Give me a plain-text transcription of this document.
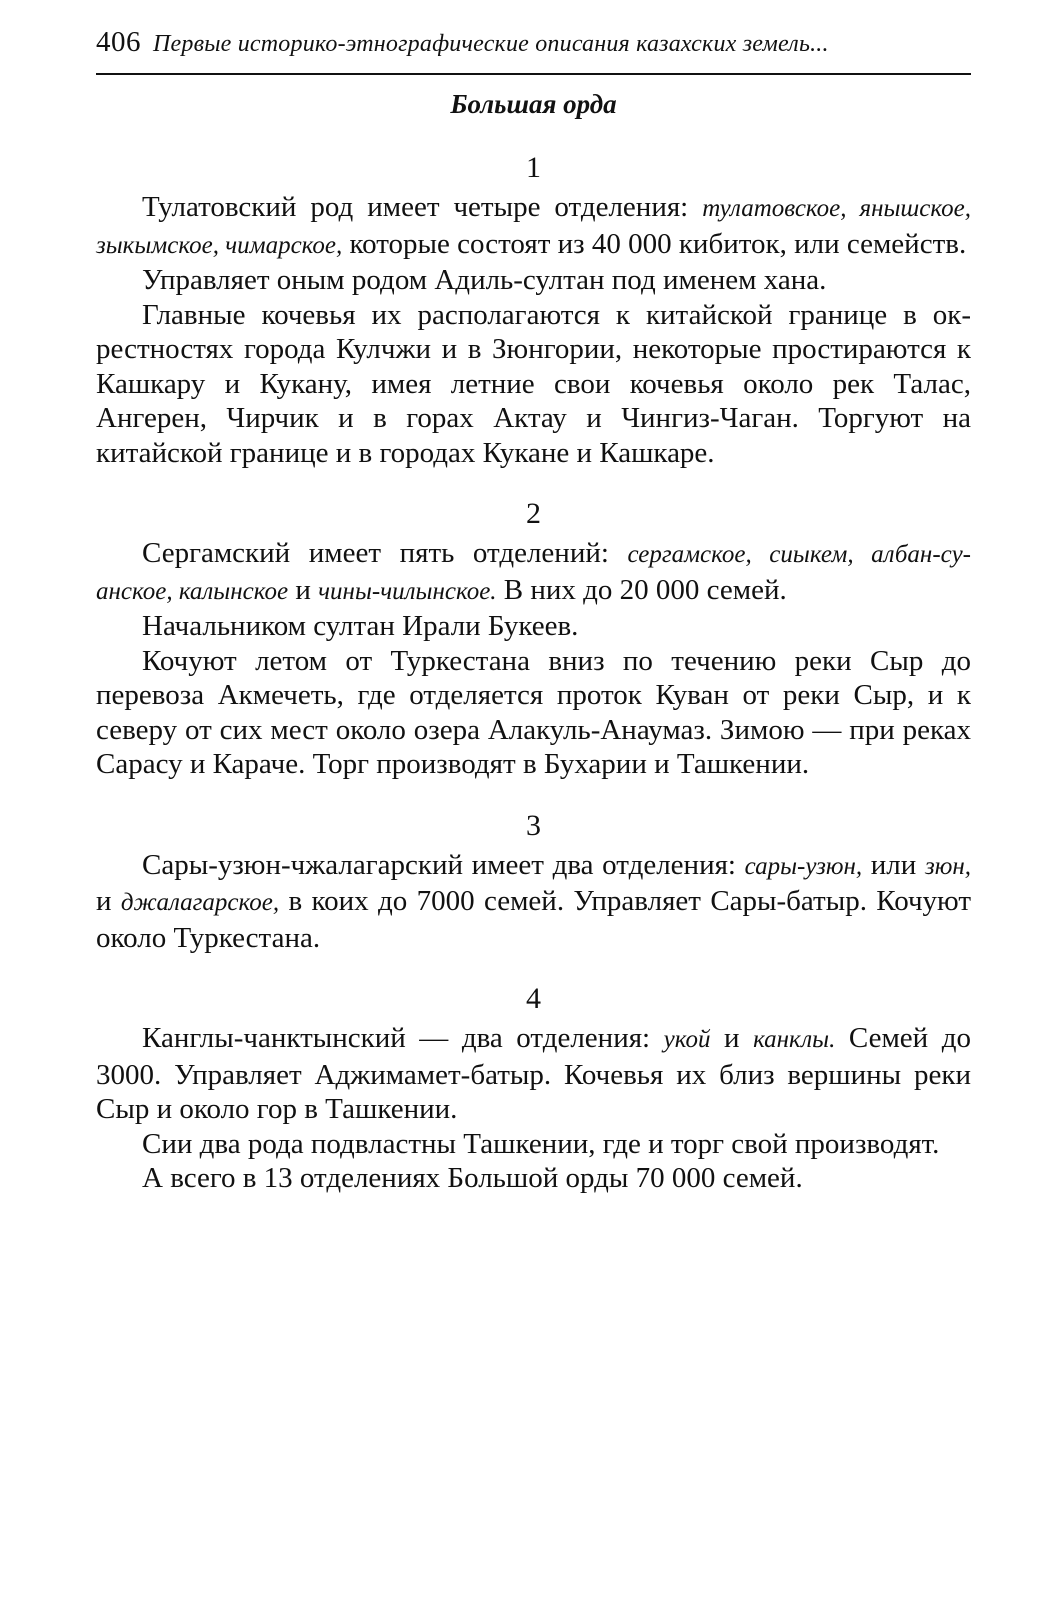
406 Первые историко-этнографические описания казахских земель...
Большая орда
1

Тулатовский род имеет четыре отделения: тулатовское, янышское, зыкымское, чимарское, которые состоят из 40 000 кибиток, или семейств.

Управляет оным родом Адиль-султан под именем хана.

Главные кочевья их располагаются к китайской границе в окрестностях города Кулчжи и в Зюнгории, некоторые простираются к Кашкару и Кукану, имея летние свои кочевья около рек Талас, Ангерен, Чирчик и в горах Актау и Чингиз-Чаган. Торгуют на китайской границе и в городах Кукане и Кашкаре.

2

Сергамский имеет пять отделений: сергамское, сиыкем, албан-суанское, калынское и чины-чилынское. В них до 20 000 семей.

Начальником султан Ирали Букеев.

Кочуют летом от Туркестана вниз по течению реки Сыр до перевоза Акмечеть, где отделяется проток Куван от реки Сыр, и к северу от сих мест около озера Алакуль-Анаумаз. Зимою — при реках Сарасу и Караче. Торг производят в Бухарии и Ташкении.

3

Сары-узюн-чжалагарский имеет два отделения: сары-узюн, или зюн, и джалагарское, в коих до 7000 семей. Управляет Сары-батыр. Кочуют около Туркестана.

4

Канглы-чанктынский — два отделения: укой и канклы. Семей до 3000. Управляет Аджимамет-батыр. Кочевья их близ вершины реки Сыр и около гор в Ташкении.

Сии два рода подвластны Ташкении, где и торг свой производят.

А всего в 13 отделениях Большой орды 70 000 семей.
